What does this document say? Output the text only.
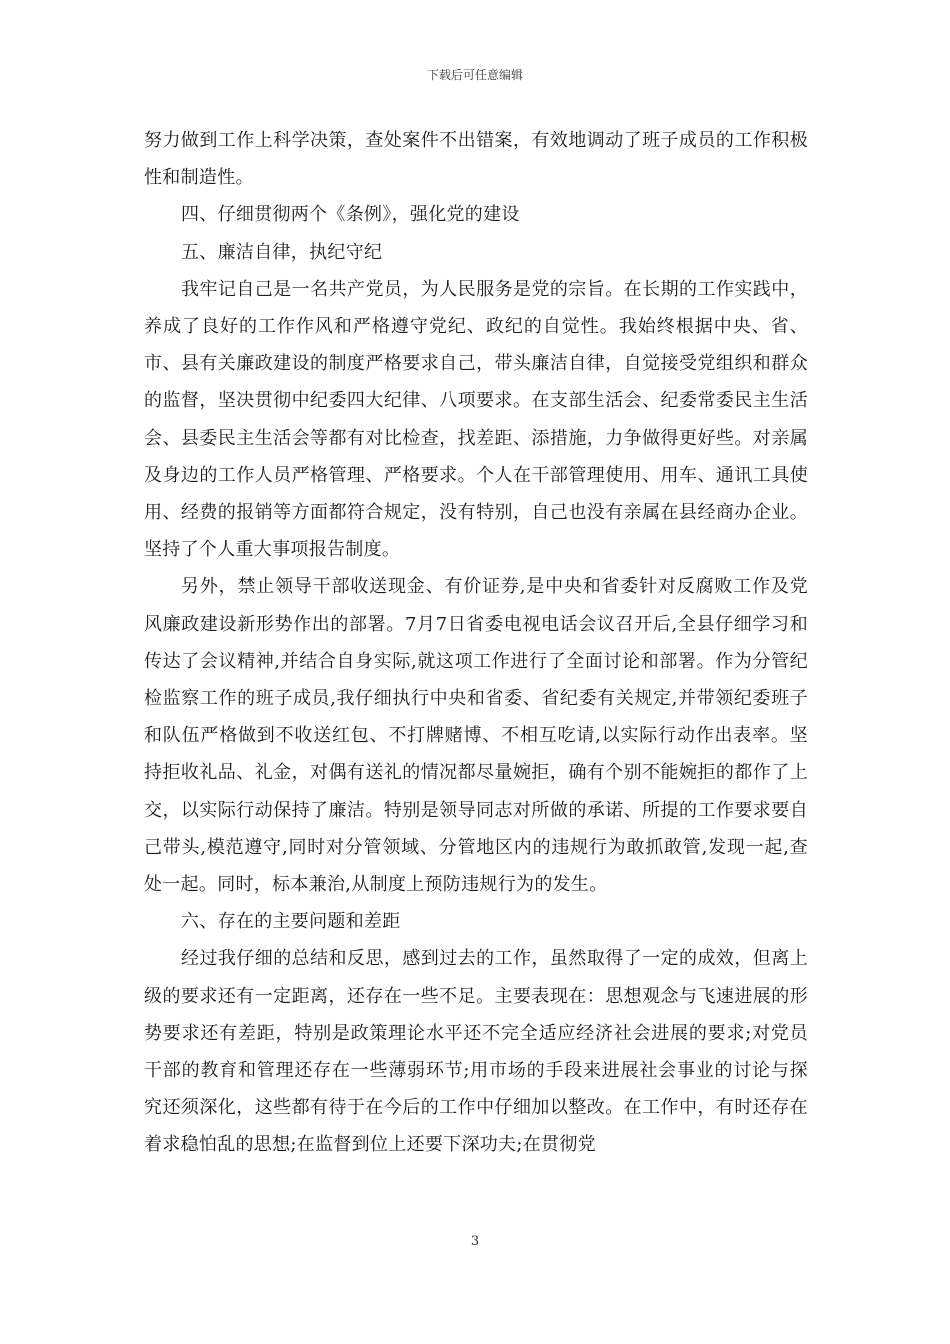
下载后可任意编辑

努力做到工作上科学决策，查处案件不出错案，有效地调动了班子成员的工作积极性和制造性。

四、仔细贯彻两个《条例》，强化党的建设

五、廉洁自律，执纪守纪

我牢记自己是一名共产党员，为人民服务是党的宗旨。在长期的工作实践中，养成了良好的工作作风和严格遵守党纪、政纪的自觉性。我始终根据中央、省、市、县有关廉政建设的制度严格要求自己，带头廉洁自律，自觉接受党组织和群众的监督，坚决贯彻中纪委四大纪律、八项要求。在支部生活会、纪委常委民主生活会、县委民主生活会等都有对比检查，找差距、添措施，力争做得更好些。对亲属及身边的工作人员严格管理、严格要求。个人在干部管理使用、用车、通讯工具使用、经费的报销等方面都符合规定，没有特别，自己也没有亲属在县经商办企业。坚持了个人重大事项报告制度。

另外，禁止领导干部收送现金、有价证券,是中央和省委针对反腐败工作及党风廉政建设新形势作出的部署。7月7日省委电视电话会议召开后,全县仔细学习和传达了会议精神,并结合自身实际,就这项工作进行了全面讨论和部署。作为分管纪检监察工作的班子成员,我仔细执行中央和省委、省纪委有关规定,并带领纪委班子和队伍严格做到不收送红包、不打牌赌博、不相互吃请,以实际行动作出表率。坚持拒收礼品、礼金，对偶有送礼的情况都尽量婉拒，确有个别不能婉拒的都作了上交，以实际行动保持了廉洁。特别是领导同志对所做的承诺、所提的工作要求要自己带头,模范遵守,同时对分管领域、分管地区内的违规行为敢抓敢管,发现一起,查处一起。同时，标本兼治,从制度上预防违规行为的发生。

六、存在的主要问题和差距

经过我仔细的总结和反思，感到过去的工作，虽然取得了一定的成效，但离上级的要求还有一定距离，还存在一些不足。主要表现在：思想观念与飞速进展的形势要求还有差距，特别是政策理论水平还不完全适应经济社会进展的要求;对党员干部的教育和管理还存在一些薄弱环节;用市场的手段来进展社会事业的讨论与探究还须深化，这些都有待于在今后的工作中仔细加以整改。在工作中，有时还存在着求稳怕乱的思想;在监督到位上还要下深功夫;在贯彻党

3
